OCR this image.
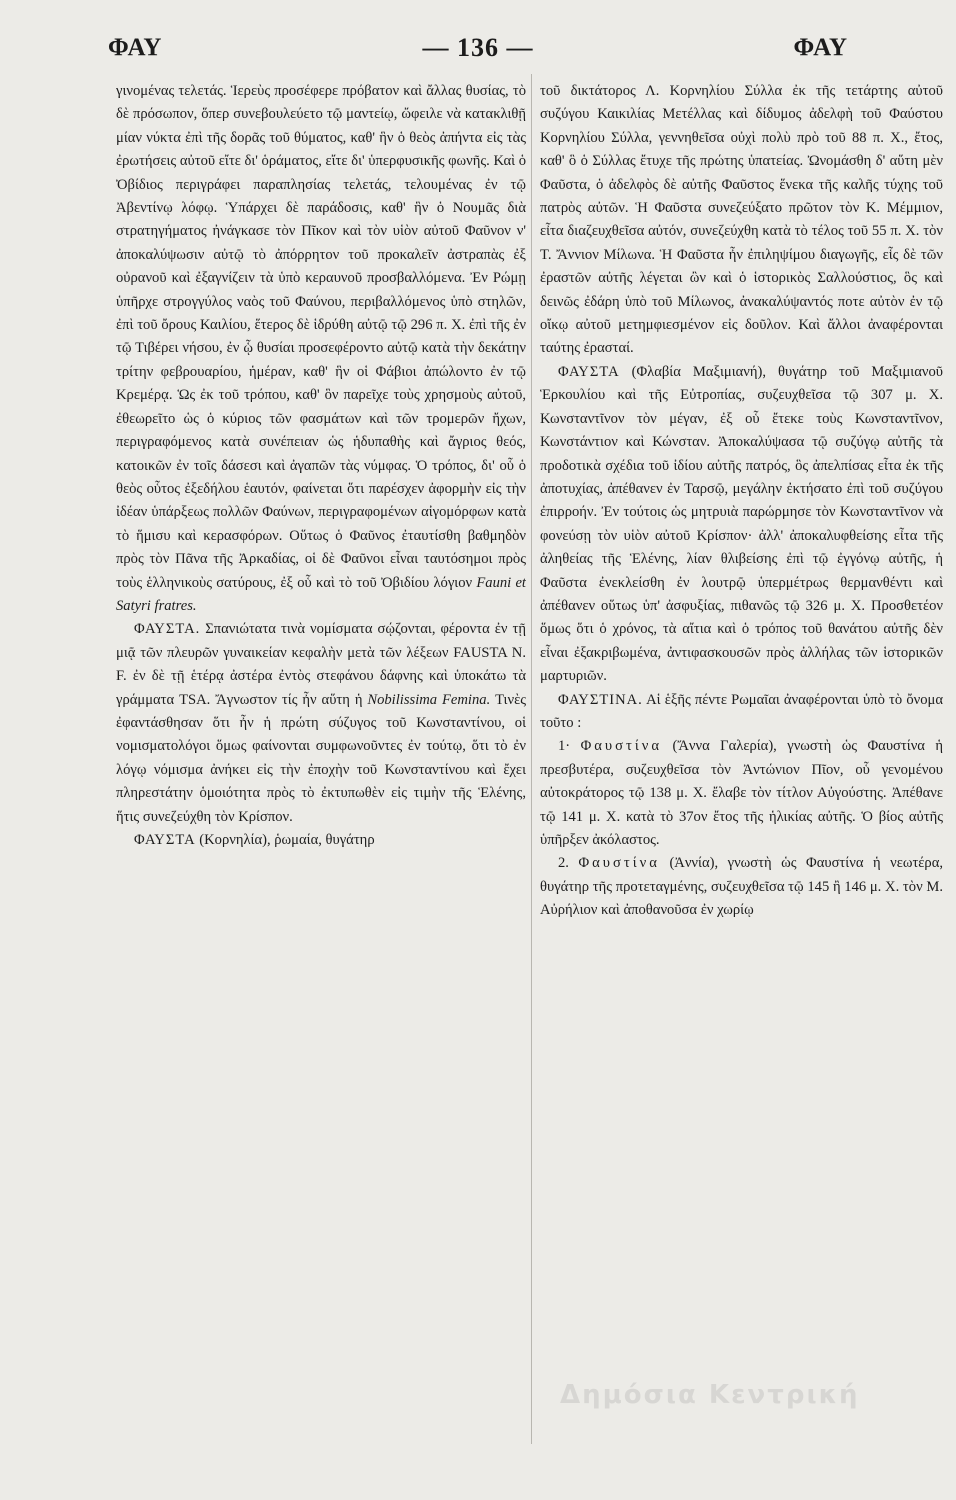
ΦΑΥ	— 136 —	ΦΑΥ

γινομένας τελετάς. Ἱερεὺς προσέφερε πρόβατον καὶ ἄλλας θυσίας, τὸ δὲ πρόσωπον, ὅπερ συνεβουλεύετο τῷ μαντείῳ, ὤφειλε νὰ κατακλιθῇ μίαν νύκτα ἐπὶ τῆς δορᾶς τοῦ θύματος, καθ' ἣν ὁ θεὸς ἀπήντα εἰς τὰς ἐρωτήσεις αὐτοῦ εἴτε δι' ὁράματος, εἴτε δι' ὑπερφυσικῆς φωνῆς. Καὶ ὁ Ὀβίδιος περιγράφει παραπλησίας τελετάς, τελουμένας ἐν τῷ Ἀβεντίνῳ λόφῳ. Ὑπάρχει δὲ παράδοσις, καθ' ἣν ὁ Νουμᾶς διὰ στρατηγήματος ἠνάγκασε τὸν Πῖκον καὶ τὸν υἱὸν αὐτοῦ Φαῦνον ν' ἀποκαλύψωσιν αὐτῷ τὸ ἀπόρρητον τοῦ προκαλεῖν ἀστραπὰς ἐξ οὐρανοῦ καὶ ἐξαγνίζειν τὰ ὑπὸ κεραυνοῦ προσβαλλόμενα. Ἐν Ρώμῃ ὑπῆρχε στρογγύλος ναὸς τοῦ Φαύνου, περιβαλλόμενος ὑπὸ στηλῶν, ἐπὶ τοῦ ὄρους Καιλίου, ἕτερος δὲ ἱδρύθη αὐτῷ τῷ 296 π. Χ. ἐπὶ τῆς ἐν τῷ Τιβέρει νήσου, ἐν ᾧ θυσίαι προσεφέροντο αὐτῷ κατὰ τὴν δεκάτην τρίτην φεβρουαρίου, ἡμέραν, καθ' ἣν οἱ Φάβιοι ἀπώλοντο ἐν τῷ Κρεμέρᾳ. Ὡς ἐκ τοῦ τρόπου, καθ' ὃν παρεῖχε τοὺς χρησμοὺς αὐτοῦ, ἐθεωρεῖτο ὡς ὁ κύριος τῶν φασμάτων καὶ τῶν τρομερῶν ἤχων, περιγραφόμενος κατὰ συνέπειαν ὡς ἡδυπαθὴς καὶ ἄγριος θεός, κατοικῶν ἐν τοῖς δάσεσι καὶ ἀγαπῶν τὰς νύμφας. Ὁ τρόπος, δι' οὗ ὁ θεὸς οὗτος ἐξεδήλου ἑαυτόν, φαίνεται ὅτι παρέσχεν ἀφορμὴν εἰς τὴν ἰδέαν ὑπάρξεως πολλῶν Φαύνων, περιγραφομένων αἰγομόρφων κατὰ τὸ ἥμισυ καὶ κερασφόρων. Οὕτως ὁ Φαῦνος ἐταυτίσθη βαθμηδὸν πρὸς τὸν Πᾶνα τῆς Ἀρκαδίας, οἱ δὲ Φαῦνοι εἶναι ταυτόσημοι πρὸς τοὺς ἑλληνικοὺς σατύρους, ἐξ οὗ καὶ τὸ τοῦ Ὀβιδίου λόγιον Fauni et Satyri fratres.

ΦΑΥΣΤΑ. Σπανιώτατα τινὰ νομίσματα σῴζονται, φέροντα ἐν τῇ μιᾷ τῶν πλευρῶν γυναικείαν κεφαλὴν μετὰ τῶν λέξεων FAUSTA N. F. ἐν δὲ τῇ ἑτέρᾳ ἀστέρα ἐντὸς στεφάνου δάφνης καὶ ὑποκάτω τὰ γράμματα TSA. Ἄγνωστον τίς ἦν αὕτη ἡ Nobilissima Femina. Τινὲς ἐφαντάσθησαν ὅτι ἦν ἡ πρώτη σύζυγος τοῦ Κωνσταντίνου, οἱ νομισματολόγοι ὅμως φαίνονται συμφωνοῦντες ἐν τούτῳ, ὅτι τὸ ἐν λόγῳ νόμισμα ἀνήκει εἰς τὴν ἐποχὴν τοῦ Κωνσταντίνου καὶ ἔχει πληρεστάτην ὁμοιότητα πρὸς τὸ ἐκτυπωθὲν εἰς τιμὴν τῆς Ἑλένης, ἥτις συνεζεύχθη τὸν Κρίσπον.

ΦΑΥΣΤΑ (Κορνηλία), ῥωμαία, θυγάτηρ

τοῦ δικτάτορος Λ. Κορνηλίου Σύλλα ἐκ τῆς τετάρτης αὐτοῦ συζύγου Καικιλίας Μετέλλας καὶ δίδυμος ἀδελφὴ τοῦ Φαύστου Κορνηλίου Σύλλα, γεννηθεῖσα οὐχὶ πολὺ πρὸ τοῦ 88 π. Χ., ἔτος, καθ' ὃ ὁ Σύλλας ἔτυχε τῆς πρώτης ὑπατείας. Ὠνομάσθη δ' αὕτη μὲν Φαῦστα, ὁ ἀδελφὸς δὲ αὐτῆς Φαῦστος ἕνεκα τῆς καλῆς τύχης τοῦ πατρὸς αὐτῶν. Ἡ Φαῦστα συνεζεύξατο πρῶτον τὸν Κ. Μέμμιον, εἶτα διαζευχθεῖσα αὐτόν, συνεζεύχθη κατὰ τὸ τέλος τοῦ 55 π. Χ. τὸν Τ. Ἄννιον Μίλωνα. Ἡ Φαῦστα ἦν ἐπιληψίμου διαγωγῆς, εἷς δὲ τῶν ἐραστῶν αὐτῆς λέγεται ὢν καὶ ὁ ἱστορικὸς Σαλλούστιος, ὃς καὶ δεινῶς ἐδάρη ὑπὸ τοῦ Μίλωνος, ἀνακαλύψαντός ποτε αὐτὸν ἐν τῷ οἴκῳ αὐτοῦ μετημφιεσμένον εἰς δοῦλον. Καὶ ἄλλοι ἀναφέρονται ταύτης ἐρασταί.

ΦΑΥΣΤΑ (Φλαβία Μαξιμιανή), θυγάτηρ τοῦ Μαξιμιανοῦ Ἑρκουλίου καὶ τῆς Εὐτροπίας, συζευχθεῖσα τῷ 307 μ. Χ. Κωνσταντῖνον τὸν μέγαν, ἐξ οὗ ἔτεκε τοὺς Κωνσταντῖνον, Κωνστάντιον καὶ Κώνσταν. Ἀποκαλύψασα τῷ συζύγῳ αὐτῆς τὰ προδοτικὰ σχέδια τοῦ ἰδίου αὐτῆς πατρός, ὃς ἀπελπίσας εἶτα ἐκ τῆς ἀποτυχίας, ἀπέθανεν ἐν Ταρσῷ, μεγάλην ἐκτήσατο ἐπὶ τοῦ συζύγου ἐπιρροήν. Ἐν τούτοις ὡς μητρυιὰ παρώρμησε τὸν Κωνσταντῖνον νὰ φονεύσῃ τὸν υἱὸν αὐτοῦ Κρίσπον· ἀλλ' ἀποκαλυφθείσης εἶτα τῆς ἀληθείας τῆς Ἑλένης, λίαν θλιβείσης ἐπὶ τῷ ἐγγόνῳ αὐτῆς, ἡ Φαῦστα ἐνεκλείσθη ἐν λουτρῷ ὑπερμέτρως θερμανθέντι καὶ ἀπέθανεν οὕτως ὑπ' ἀσφυξίας, πιθανῶς τῷ 326 μ. Χ. Προσθετέον ὅμως ὅτι ὁ χρόνος, τὰ αἴτια καὶ ὁ τρόπος τοῦ θανάτου αὐτῆς δὲν εἶναι ἐξακριβωμένα, ἀντιφασκουσῶν πρὸς ἀλλήλας τῶν ἱστορικῶν μαρτυριῶν.

ΦΑΥΣΤΙΝΑ. Αἱ ἑξῆς πέντε Ρωμαῖαι ἀναφέρονται ὑπὸ τὸ ὄνομα τοῦτο :

1· Φαυστίνα (Ἄννα Γαλερία), γνωστὴ ὡς Φαυστίνα ἡ πρεσβυτέρα, συζευχθεῖσα τὸν Ἀντώνιον Πῖον, οὗ γενομένου αὐτοκράτορος τῷ 138 μ. Χ. ἔλαβε τὸν τίτλον Αὐγούστης. Ἀπέθανε τῷ 141 μ. Χ. κατὰ τὸ 37ον ἔτος τῆς ἡλικίας αὐτῆς. Ὁ βίος αὐτῆς ὑπῆρξεν ἀκόλαστος.

2. Φαυστίνα (Ἀννία), γνωστὴ ὡς Φαυστίνα ἡ νεωτέρα, θυγάτηρ τῆς προτεταγμένης, συζευχθεῖσα τῷ 145 ἢ 146 μ. Χ. τὸν Μ. Αὐρήλιον καὶ ἀποθανοῦσα ἐν χωρίῳ

Δημόσια Κεντρική
